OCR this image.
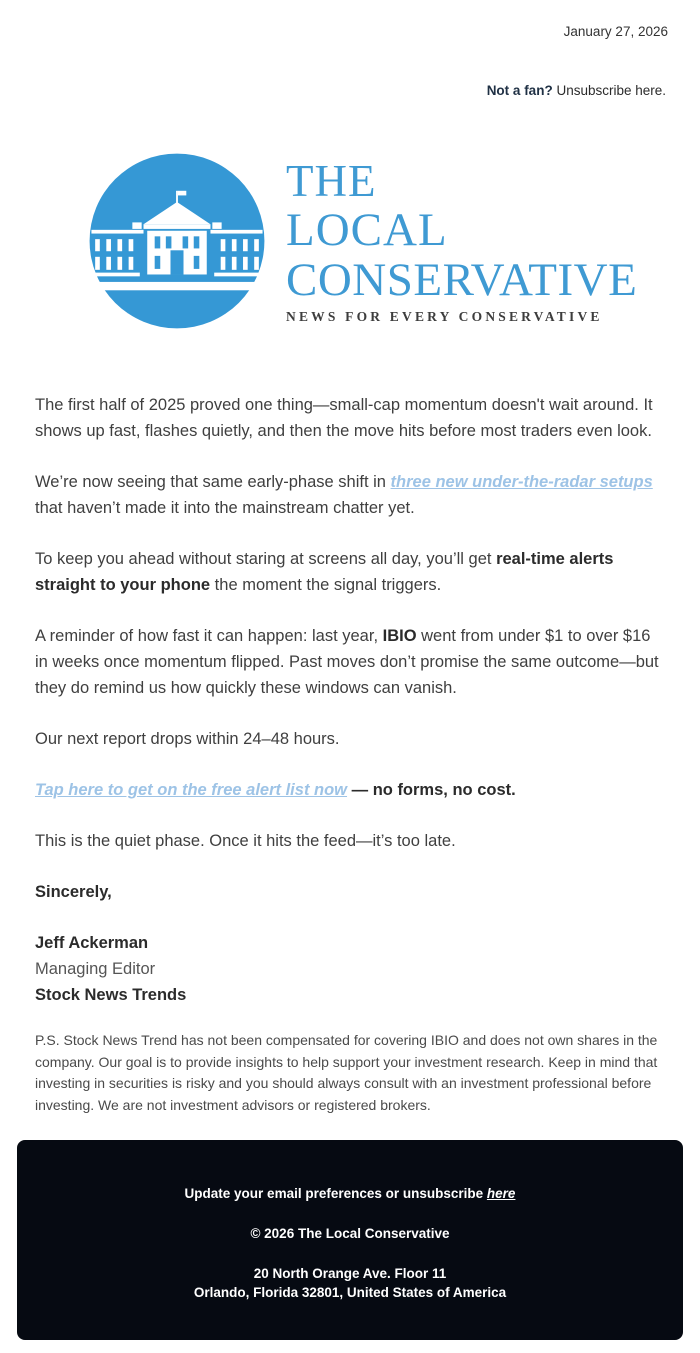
January 27, 2026
Not a fan? Unsubscribe here.
THE
LOCAL
CONSERVATIVE
NEWS FOR EVERY CONSERVATIVE

The first half of 2025 proved one thing—small-cap momentum doesn't wait around. It shows up fast, flashes quietly, and then the move hits before most traders even look.

We’re now seeing that same early-phase shift in three new under-the-radar setups that haven’t made it into the mainstream chatter yet.

To keep you ahead without staring at screens all day, you’ll get real-time alerts straight to your phone the moment the signal triggers.

A reminder of how fast it can happen: last year, IBIO went from under $1 to over $16 in weeks once momentum flipped. Past moves don’t promise the same outcome—but they do remind us how quickly these windows can vanish.

Our next report drops within 24–48 hours.

Tap here to get on the free alert list now — no forms, no cost.

This is the quiet phase. Once it hits the feed—it’s too late.

Sincerely,

Jeff Ackerman

Managing Editor

Stock News Trends

P.S. Stock News Trend has not been compensated for covering IBIO and does not own shares in the company. Our goal is to provide insights to help support your investment research. Keep in mind that investing in securities is risky and you should always consult with an investment professional before investing. We are not investment advisors or registered brokers.

Update your email preferences or unsubscribe here

© 2026 The Local Conservative

20 North Orange Ave. Floor 11
Orlando, Florida 32801, United States of America
